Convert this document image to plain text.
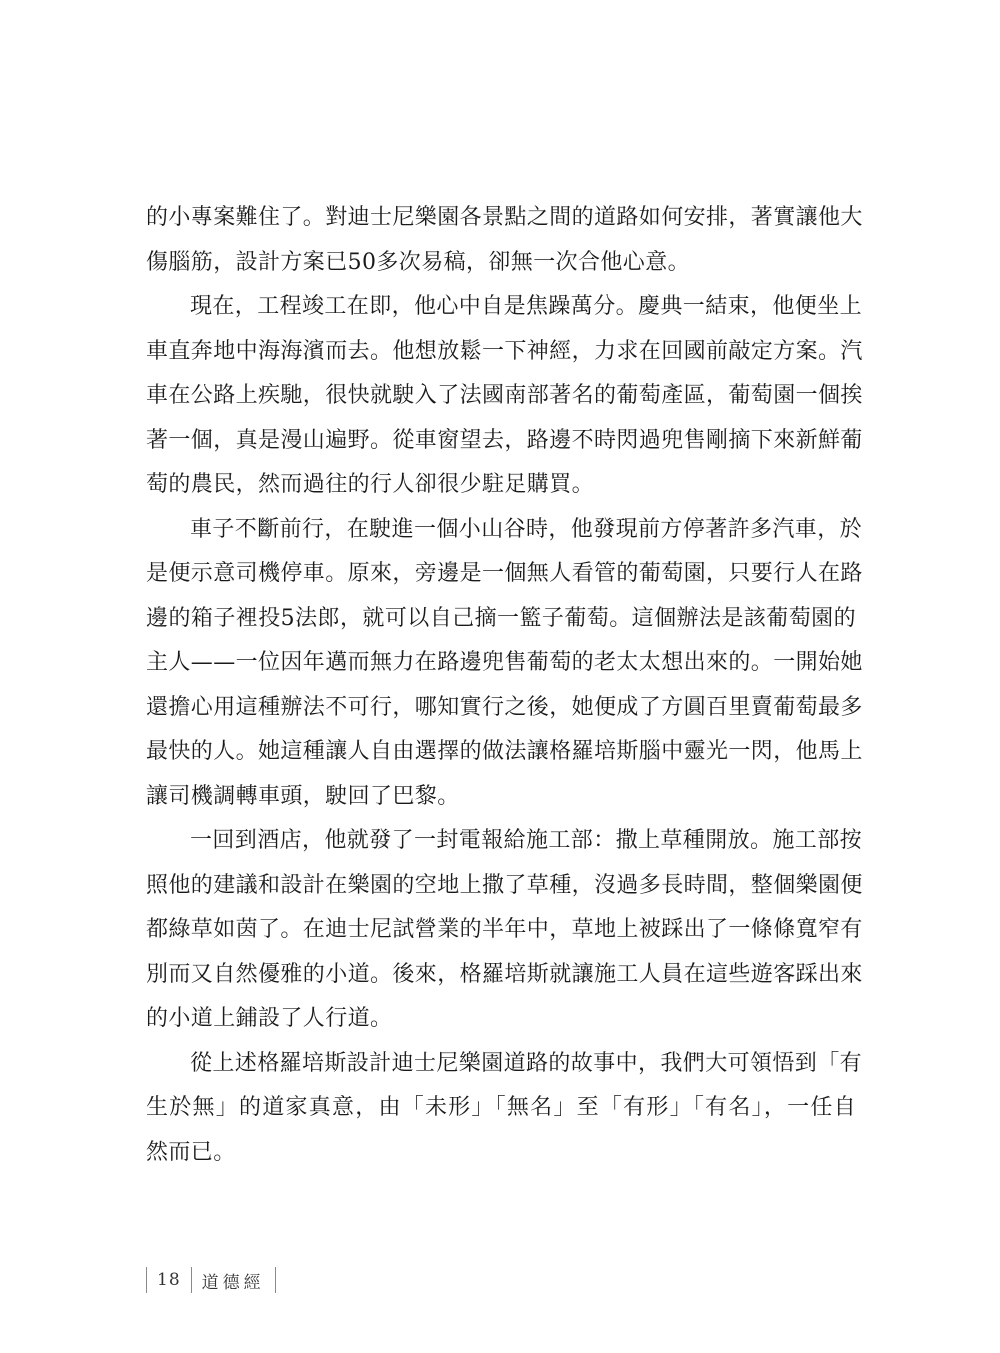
的小專案難住了。對迪士尼樂園各景點之間的道路如何安排，著實讓他大
傷腦筋，設計方案已50多次易稿，卻無一次合他心意。
現在，工程竣工在即，他心中自是焦躁萬分。慶典一結束，他便坐上
車直奔地中海海濱而去。他想放鬆一下神經，力求在回國前敲定方案。汽
車在公路上疾馳，很快就駛入了法國南部著名的葡萄產區，葡萄園一個挨
著一個，真是漫山遍野。從車窗望去，路邊不時閃過兜售剛摘下來新鮮葡
萄的農民，然而過往的行人卻很少駐足購買。
車子不斷前行，在駛進一個小山谷時，他發現前方停著許多汽車，於
是便示意司機停車。原來，旁邊是一個無人看管的葡萄園，只要行人在路
邊的箱子裡投5法郎，就可以自己摘一籃子葡萄。這個辦法是該葡萄園的
主人——一位因年邁而無力在路邊兜售葡萄的老太太想出來的。一開始她
還擔心用這種辦法不可行，哪知實行之後，她便成了方圓百里賣葡萄最多
最快的人。她這種讓人自由選擇的做法讓格羅培斯腦中靈光一閃，他馬上
讓司機調轉車頭，駛回了巴黎。
一回到酒店，他就發了一封電報給施工部：撒上草種開放。施工部按
照他的建議和設計在樂園的空地上撒了草種，沒過多長時間，整個樂園便
都綠草如茵了。在迪士尼試營業的半年中，草地上被踩出了一條條寬窄有
別而又自然優雅的小道。後來，格羅培斯就讓施工人員在這些遊客踩出來
的小道上鋪設了人行道。
從上述格羅培斯設計迪士尼樂園道路的故事中，我們大可領悟到「有
生於無」的道家真意，由「未形」「無名」至「有形」「有名」，一任自
然而已。
18	道德經
